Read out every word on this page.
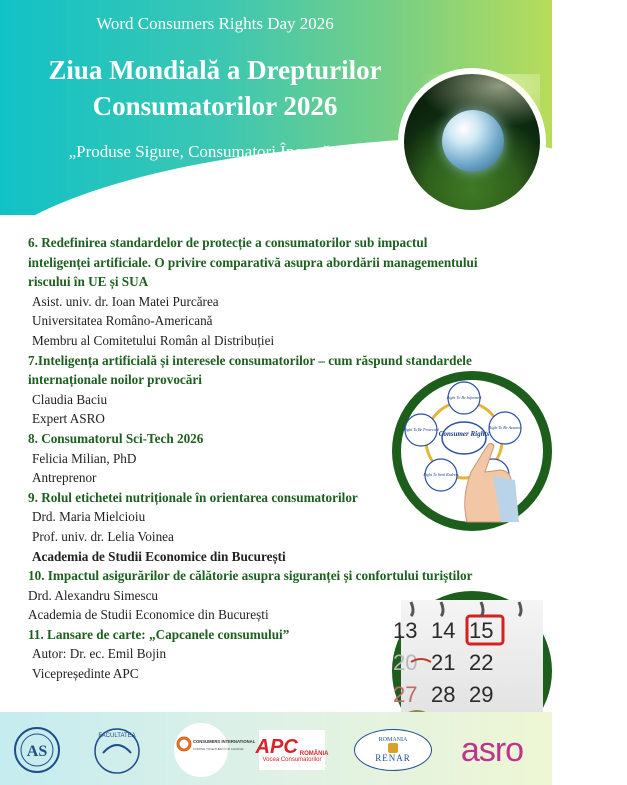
Word Consumers Rights Day 2026
Ziua Mondială a Drepturilor
Consumatorilor 2026
„Produse Sigure, Consumatori Încrezători”
6. Redefinirea standardelor de protecție a consumatorilor sub impactul
inteligenței artificiale. O privire comparativă asupra abordării managementului
riscului în UE și SUA
Asist. univ. dr. Ioan Matei Purcărea
Universitatea Româno-Americană
Membru al Comitetului Român al Distribuției
7.Inteligența artificială și interesele consumatorilor – cum răspund standardele
internaționale noilor provocări
Claudia Baciu
Expert ASRO
8. Consumatorul Sci-Tech 2026
Felicia Milian, PhD
Antreprenor
9. Rolul etichetei nutriționale în orientarea consumatorilor
Drd. Maria Mielcioiu
Prof. univ. dr. Lelia Voinea
Academia de Studii Economice din București
10. Impactul asigurărilor de călătorie asupra siguranței și confortului turiștilor
Drd. Alexandru Simescu
Academia de Studii Economice din București
11. Lansare de carte: „Capcanele consumului”
Autor: Dr. ec. Emil Bojin
Vicepreședinte APC
Consumer Rights
Right To Be Informed
Right To Be Assured
Right To Seek Redress
Right To Be Protected
13 14 15
20 21 22
27 28 29
AS
FACULTATEA
CONSUMERS INTERNATIONAL
COMING TOGETHER FOR CHANGE APC ROMÂNIA
Vocea Consumatorilor
ROMANIA
RENAR asro
